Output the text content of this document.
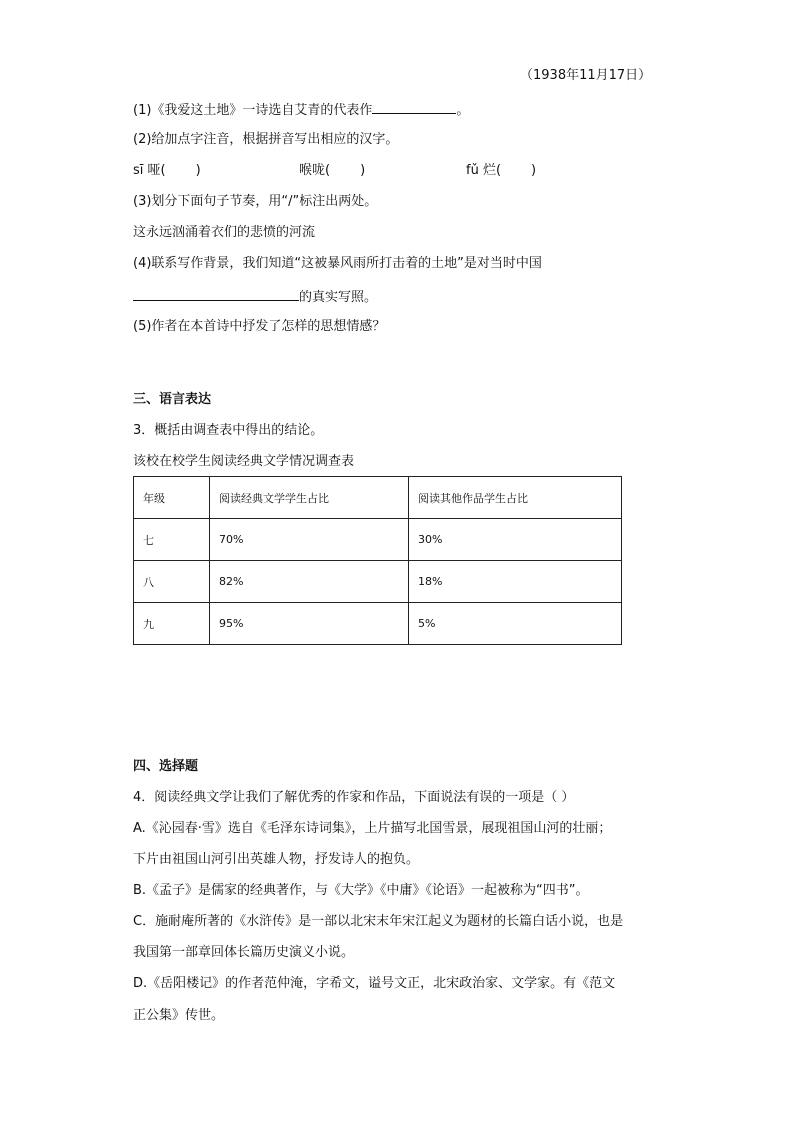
（1938年11月17日）
(1)《我爱这土地》一诗选自艾青的代表作	。
(2)给加点字注音，根据拼音写出相应的汉字。
sī 哑( )	喉咙( )	fǔ 烂( )
(3)划分下面句子节奏，用“/”标注出两处。
这永远汹涌着衣们的悲愤的河流
(4)联系写作背景，我们知道“这被暴风雨所打击着的土地”是对当时中国
的真实写照。
(5)作者在本首诗中抒发了怎样的思想情感？
三、语言表达
3．概括由调查表中得出的结论。
该校在校学生阅读经典文学情况调查表
年级	阅读经典文学学生占比	阅读其他作品学生占比
七	70%	30%
八	82%	18%
九	95%	5%
四、选择题
4．阅读经典文学让我们了解优秀的作家和作品，下面说法有误的一项是（ ）
A.《沁园春·雪》选自《毛泽东诗词集》，上片描写北国雪景，展现祖国山河的壮丽；
下片由祖国山河引出英雄人物，抒发诗人的抱负。
B.《孟子》是儒家的经典著作，与《大学》《中庸》《论语》一起被称为“四书”。
C．施耐庵所著的《水浒传》是一部以北宋末年宋江起义为题材的长篇白话小说，也是
我国第一部章回体长篇历史演义小说。
D.《岳阳楼记》的作者范仲淹，字希文，谥号文正，北宋政治家、文学家。有《范文
正公集》传世。
